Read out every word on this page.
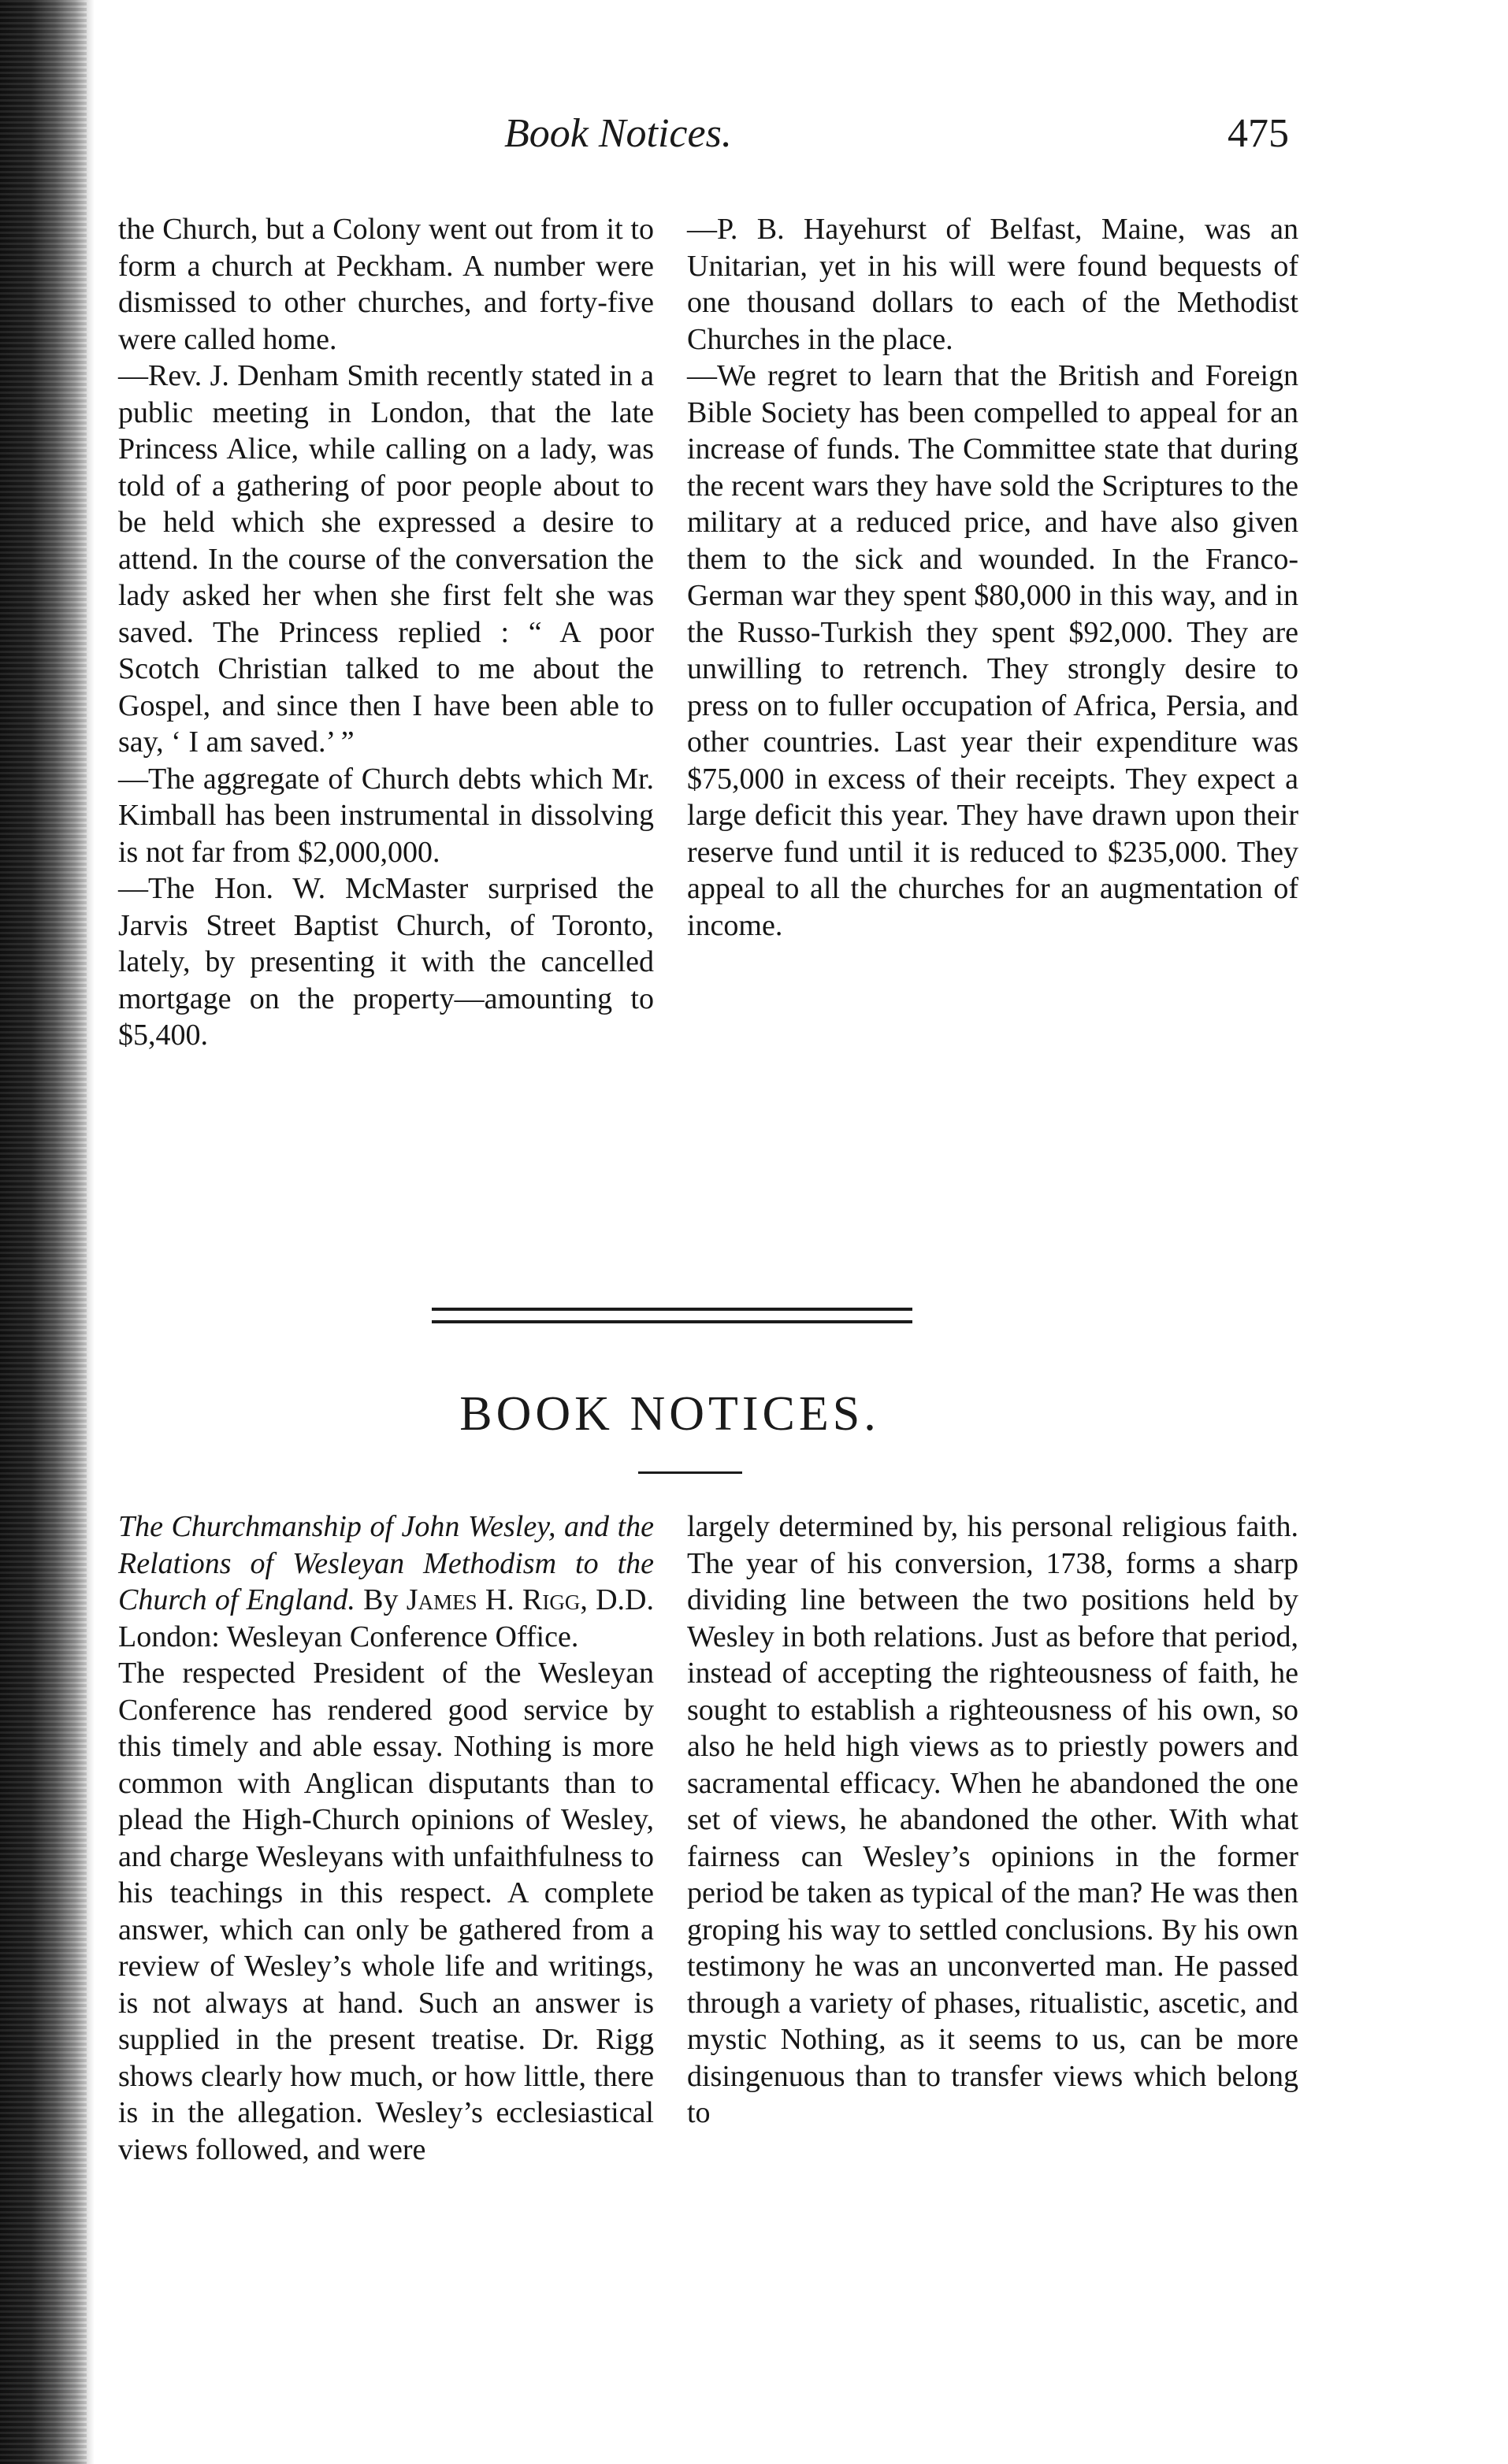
Book Notices.	475

the Church, but a Colony went out from it to form a church at Peckham. A number were dismissed to other churches, and forty-five were called home.

—Rev. J. Denham Smith recently stated in a public meeting in London, that the late Princess Alice, while calling on a lady, was told of a gathering of poor people about to be held which she expressed a desire to attend. In the course of the conversation the lady asked her when she first felt she was saved. The Princess replied : “ A poor Scotch Christian talked to me about the Gospel, and since then I have been able to say, ‘ I am saved.’ ”

—The aggregate of Church debts which Mr. Kimball has been instrumental in dissolving is not far from $2,000,000.

—The Hon. W. McMaster surprised the Jarvis Street Baptist Church, of Toronto, lately, by presenting it with the cancelled mortgage on the property—amounting to $5,400.

—P. B. Hayehurst of Belfast, Maine, was an Unitarian, yet in his will were found bequests of one thousand dollars to each of the Methodist Churches in the place.

—We regret to learn that the British and Foreign Bible Society has been compelled to appeal for an increase of funds. The Committee state that during the recent wars they have sold the Scriptures to the military at a reduced price, and have also given them to the sick and wounded. In the Franco-German war they spent $80,000 in this way, and in the Russo-Turkish they spent $92,000. They are unwilling to retrench. They strongly desire to press on to fuller occupation of Africa, Persia, and other countries. Last year their expenditure was $75,000 in excess of their receipts. They expect a large deficit this year. They have drawn upon their reserve fund until it is reduced to $235,000. They appeal to all the churches for an augmentation of income.

BOOK NOTICES.

The Churchmanship of John Wesley, and the Relations of Wesleyan Methodism to the Church of England. By James H. Rigg, D.D. London: Wesleyan Conference Office.

The respected President of the Wesleyan Conference has rendered good service by this timely and able essay. Nothing is more common with Anglican disputants than to plead the High-Church opinions of Wesley, and charge Wesleyans with unfaithfulness to his teachings in this respect. A complete answer, which can only be gathered from a review of Wesley’s whole life and writings, is not always at hand. Such an answer is supplied in the present treatise. Dr. Rigg shows clearly how much, or how little, there is in the allegation. Wesley’s ecclesiastical views followed, and were

largely determined by, his personal religious faith. The year of his conversion, 1738, forms a sharp dividing line between the two positions held by Wesley in both relations. Just as before that period, instead of accepting the righteousness of faith, he sought to establish a righteousness of his own, so also he held high views as to priestly powers and sacramental efficacy. When he abandoned the one set of views, he abandoned the other. With what fairness can Wesley’s opinions in the former period be taken as typical of the man? He was then groping his way to settled conclusions. By his own testimony he was an unconverted man. He passed through a variety of phases, ritualistic, ascetic, and mystic Nothing, as it seems to us, can be more disingenuous than to transfer views which belong to
